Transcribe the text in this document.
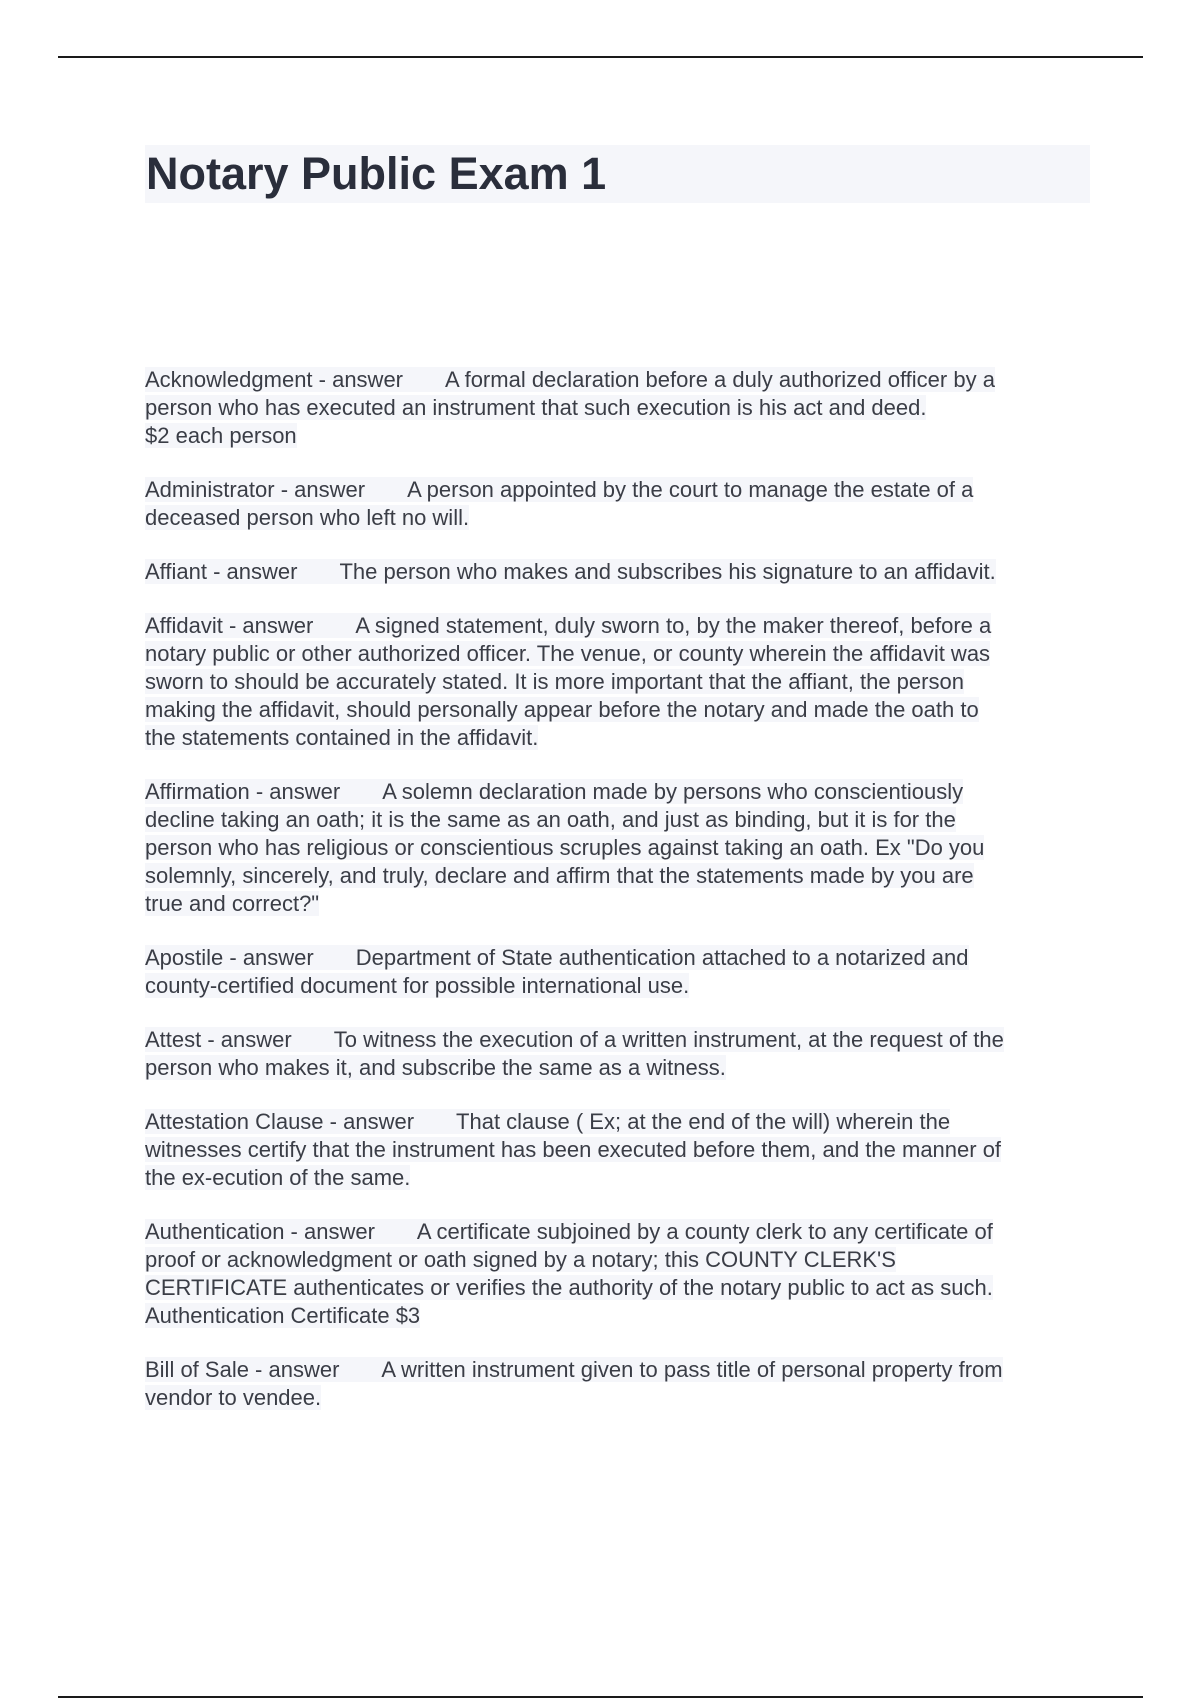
Notary Public Exam 1

Acknowledgment - answer A formal declaration before a duly authorized officer by a
person who has executed an instrument that such execution is his act and deed.
$2 each person

Administrator - answer A person appointed by the court to manage the estate of a
deceased person who left no will.

Affiant - answer The person who makes and subscribes his signature to an affidavit.

Affidavit - answer A signed statement, duly sworn to, by the maker thereof, before a
notary public or other authorized officer. The venue, or county wherein the affidavit was
sworn to should be accurately stated. It is more important that the affiant, the person
making the affidavit, should personally appear before the notary and made the oath to
the statements contained in the affidavit.

Affirmation - answer A solemn declaration made by persons who conscientiously
decline taking an oath; it is the same as an oath, and just as binding, but it is for the
person who has religious or conscientious scruples against taking an oath. Ex "Do you
solemnly, sincerely, and truly, declare and affirm that the statements made by you are
true and correct?"

Apostile - answer Department of State authentication attached to a notarized and
county-certified document for possible international use.

Attest - answer To witness the execution of a written instrument, at the request of the
person who makes it, and subscribe the same as a witness.

Attestation Clause - answer That clause ( Ex; at the end of the will) wherein the
witnesses certify that the instrument has been executed before them, and the manner of
the ex-ecution of the same.

Authentication - answer A certificate subjoined by a county clerk to any certificate of
proof or acknowledgment or oath signed by a notary; this COUNTY CLERK'S
CERTIFICATE authenticates or verifies the authority of the notary public to act as such.
Authentication Certificate $3

Bill of Sale - answer A written instrument given to pass title of personal property from
vendor to vendee.
